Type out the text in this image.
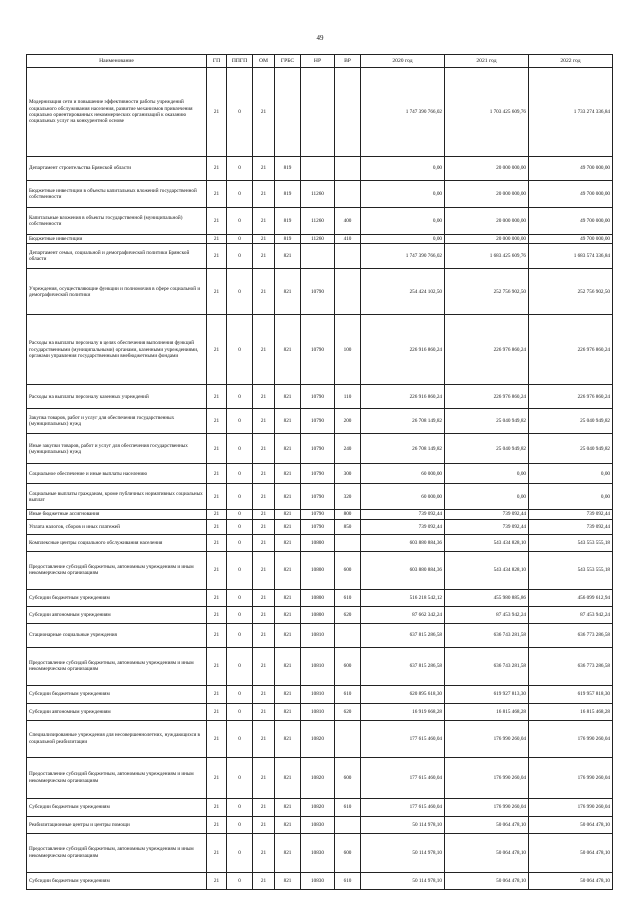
49
Наименование	ГП	ППГП	ОМ	ГРБС	НР	ВР	2020 год	2021 год	2022 год
Модернизация сети и повышение эффективности работы учреждений социального обслуживания населения, развитие механизмов привлечения социально ориентированных некоммерческих организаций к оказанию социальных услуг на конкурентной основе	21	0	21				1 747 390 766,02	1 703 425 609,76	1 733 274 336,84
Департамент строительства Брянской области	21	0	21	819			0,00	20 000 000,00	49 700 000,00
Бюджетные инвестиции в объекты капитальных вложений государственной собственности	21	0	21	819	11260		0,00	20 000 000,00	49 700 000,00
Капитальные вложения в объекты государственной (муниципальной) собственности	21	0	21	819	11260	400	0,00	20 000 000,00	49 700 000,00
Бюджетные инвестиции	21	0	21	819	11260	410	0,00	20 000 000,00	49 700 000,00
Департамент семьи, социальной и демографической политики Брянской области	21	0	21	821			1 747 390 766,02	1 683 425 609,76	1 683 574 336,84
Учреждения, осуществляющие функции и полномочия в сфере социальной и демографической политики	21	0	21	821	10790		254 424 102,50	252 756 902,50	252 756 902,50
Расходы на выплаты персоналу в целях обеспечения выполнения функций государственными (муниципальными) органами, казенными учреждениями, органами управления государственными внебюджетными фондами	21	0	21	821	10790	100	226 916 860,24	226 976 860,24	226 976 860,24
Расходы на выплаты персоналу казенных учреждений	21	0	21	821	10790	110	226 916 860,24	226 976 860,24	226 976 860,24
Закупка товаров, работ и услуг для обеспечения государственных (муниципальных) нужд	21	0	21	821	10790	200	26 708 149,82	25 040 949,82	25 040 949,82
Иные закупки товаров, работ и услуг для обеспечения государственных (муниципальных) нужд	21	0	21	821	10790	240	26 708 149,82	25 040 949,82	25 040 949,82
Социальное обеспечение и иные выплаты населению	21	0	21	821	10790	300	60 000,00	0,00	0,00
Социальные выплаты гражданам, кроме публичных нормативных социальных выплат	21	0	21	821	10790	320	60 000,00	0,00	0,00
Иные бюджетные ассигнования	21	0	21	821	10790	800	739 092,44	739 092,44	739 092,44
Уплата налогов, сборов и иных платежей	21	0	21	821	10790	850	739 092,44	739 092,44	739 092,44
Комплексные центры социального обслуживания населения	21	0	21	821	10800		603 880 884,36	543 434 828,10	543 553 555,18
Предоставление субсидий бюджетным, автономным учреждениям и иным некоммерческим организациям	21	0	21	821	10800	600	603 880 884,36	543 434 828,10	543 553 555,18
Субсидии бюджетным учреждениям	21	0	21	821	10800	610	516 218 542,12	455 980 885,86	456 099 612,94
Субсидии автономным учреждениям	21	0	21	821	10800	620	87 662 342,24	87 453 942,24	87 453 942,24
Стационарные социальные учреждения	21	0	21	821	10810		637 815 286,58	636 743 281,58	636 773 286,58
Предоставление субсидий бюджетным, автономным учреждениям и иным некоммерческим организациям	21	0	21	821	10810	600	637 815 286,58	636 743 281,58	636 773 286,58
Субсидии бюджетным учреждениям	21	0	21	821	10810	610	620 895 618,30	619 927 813,30	619 957 818,30
Субсидии автономным учреждениям	21	0	21	821	10810	620	16 919 668,28	16 815 468,28	16 815 468,28
Специализированные учреждения для несовершеннолетних, нуждающихся в социальной реабилитации	21	0	21	821	10820		177 615 460,04	176 990 260,04	176 990 260,04
Предоставление субсидий бюджетным, автономным учреждениям и иным некоммерческим организациям	21	0	21	821	10820	600	177 615 460,04	176 990 260,04	176 990 260,04
Субсидии бюджетным учреждениям	21	0	21	821	10820	610	177 615 460,04	176 990 260,04	176 990 260,04
Реабилитационные центры и центры помощи	21	0	21	821	10830		50 114 978,10	50 064 478,10	50 064 478,10
Предоставление субсидий бюджетным, автономным учреждениям и иным некоммерческим организациям	21	0	21	821	10830	600	50 114 978,10	50 064 478,10	50 064 478,10
Субсидии бюджетным учреждениям	21	0	21	821	10830	610	50 114 978,10	50 064 478,10	50 064 478,10
